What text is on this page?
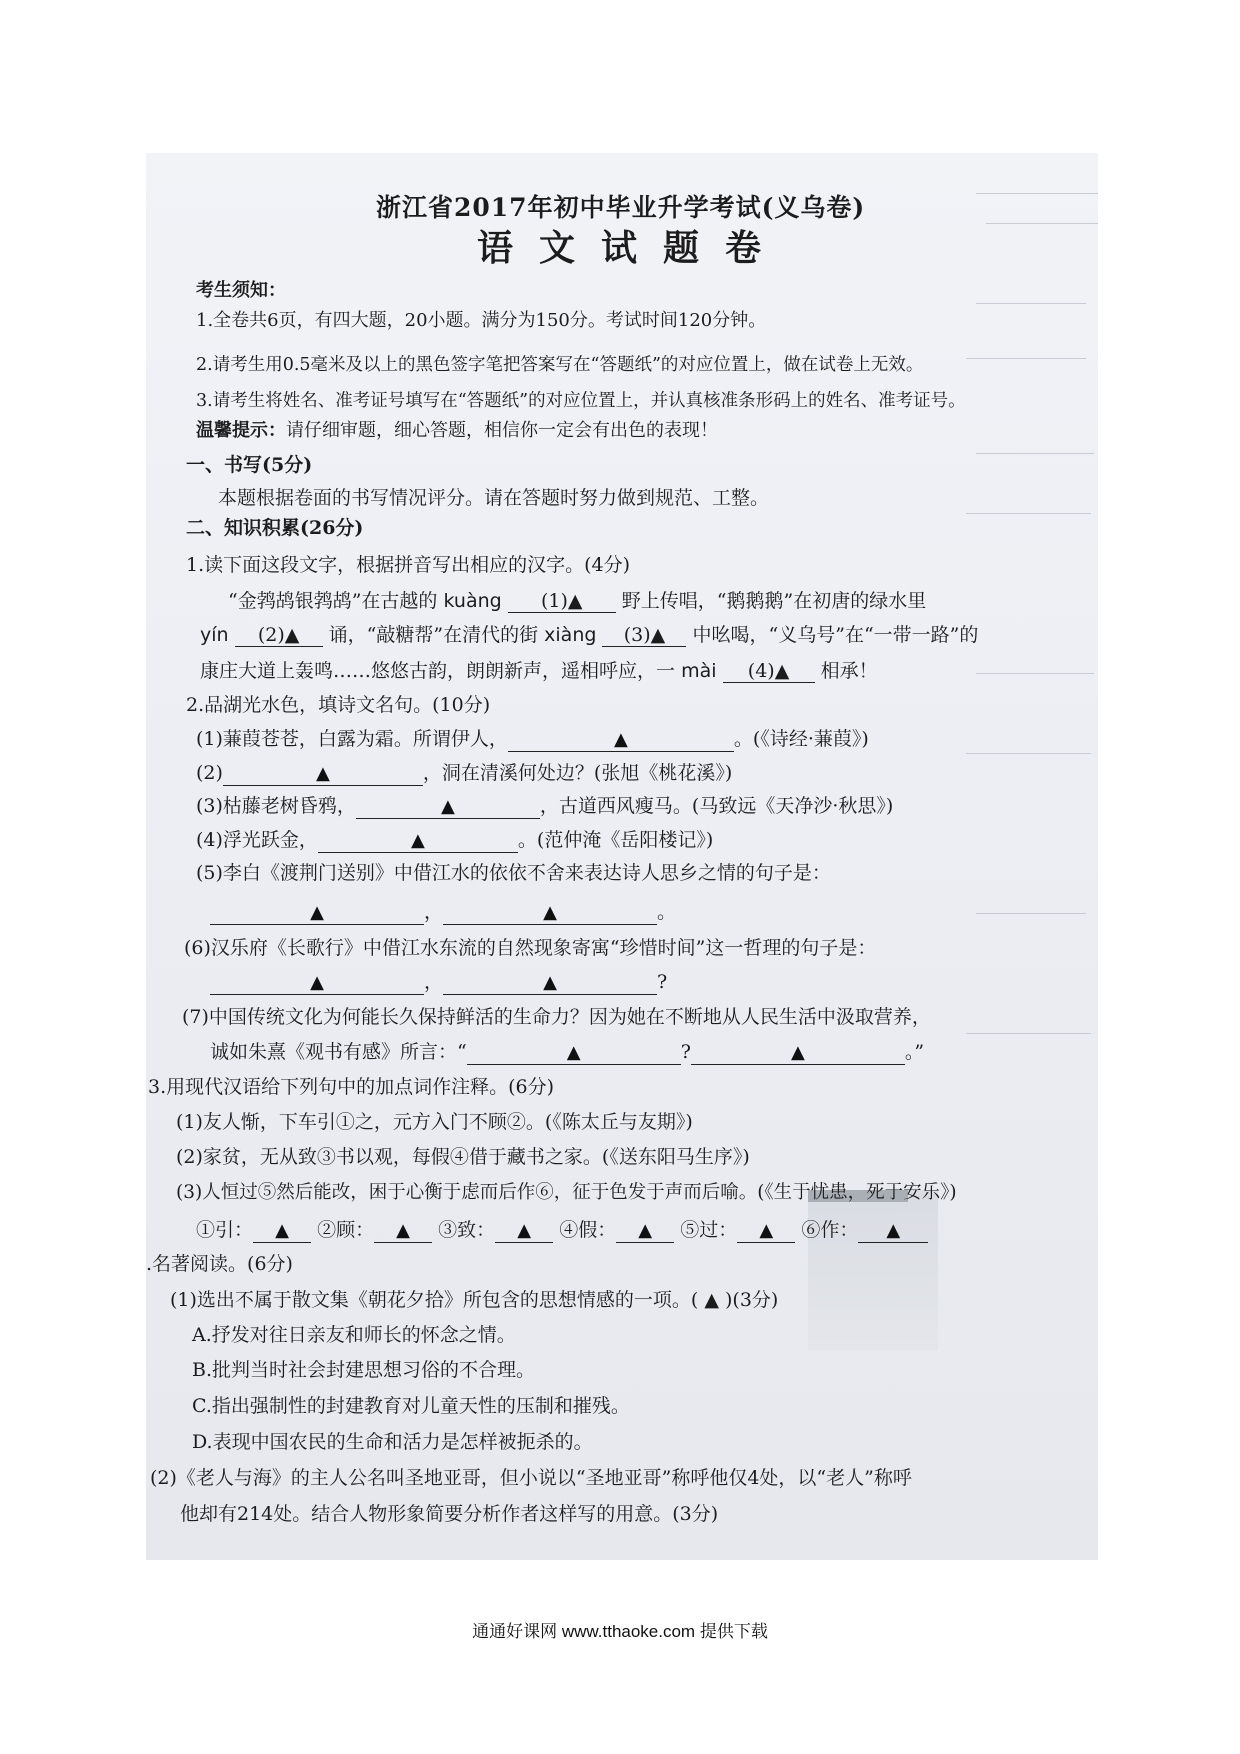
浙江省2017年初中毕业升学考试(义乌卷)
语文试题卷
考生须知：
1.全卷共6页，有四大题，20小题。满分为150分。考试时间120分钟。
2.请考生用0.5毫米及以上的黑色签字笔把答案写在“答题纸”的对应位置上，做在试卷上无效。
3.请考生将姓名、准考证号填写在“答题纸”的对应位置上，并认真核准条形码上的姓名、准考证号。
温馨提示：请仔细审题，细心答题，相信你一定会有出色的表现！
一、书写(5分)
本题根据卷面的书写情况评分。请在答题时努力做到规范、工整。
二、知识积累(26分)
1.读下面这段文字，根据拼音写出相应的汉字。(4分)
“金鹁鸪银鹁鸪”在古越的 kuàng (1)▲ 野上传唱，“鹅鹅鹅”在初唐的绿水里
yín (2)▲ 诵，“敲糖帮”在清代的街 xiàng (3)▲ 中吆喝，“义乌号”在“一带一路”的
康庄大道上轰鸣……悠悠古韵，朗朗新声，遥相呼应，一 mài (4)▲ 相承！
2.品湖光水色，填诗文名句。(10分)
(1)蒹葭苍苍，白露为霜。所谓伊人，	▲	。(《诗经·蒹葭》)
(2)	▲	，洞在清溪何处边？(张旭《桃花溪》)
(3)枯藤老树昏鸦，	▲	，古道西风瘦马。(马致远《天净沙·秋思》)
(4)浮光跃金，	▲	。(范仲淹《岳阳楼记》)
(5)李白《渡荆门送别》中借江水的依依不舍来表达诗人思乡之情的句子是：
▲	，	▲	。
(6)汉乐府《长歌行》中借江水东流的自然现象寄寓“珍惜时间”这一哲理的句子是：
▲	，	▲	?
(7)中国传统文化为何能长久保持鲜活的生命力？因为她在不断地从人民生活中汲取营养，
诚如朱熹《观书有感》所言：“	▲	?	▲	。”
3.用现代汉语给下列句中的加点词作注释。(6分)
(1)友人惭，下车引①之，元方入门不顾②。(《陈太丘与友期》)
(2)家贫，无从致③书以观，每假④借于藏书之家。(《送东阳马生序》)
(3)人恒过⑤然后能改，困于心衡于虑而后作⑥，征于色发于声而后喻。(《生于忧患，死于安乐》)
①引： ▲ ②顾： ▲ ③致： ▲ ④假： ▲ ⑤过： ▲ ⑥作： ▲
.名著阅读。(6分)
(1)选出不属于散文集《朝花夕拾》所包含的思想情感的一项。( ▲ )(3分)
A.抒发对往日亲友和师长的怀念之情。
B.批判当时社会封建思想习俗的不合理。
C.指出强制性的封建教育对儿童天性的压制和摧残。
D.表现中国农民的生命和活力是怎样被扼杀的。
(2)《老人与海》的主人公名叫圣地亚哥，但小说以“圣地亚哥”称呼他仅4处，以“老人”称呼
他却有214处。结合人物形象简要分析作者这样写的用意。(3分)
通通好课网 www.tthaoke.com 提供下载
